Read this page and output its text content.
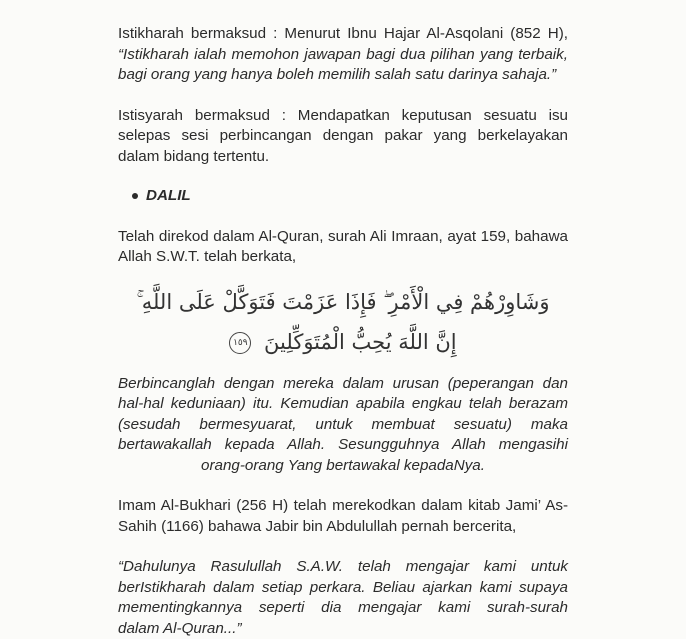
Istikharah bermaksud : Menurut Ibnu Hajar Al-Asqolani (852 H), “Istikharah ialah memohon jawapan bagi dua pilihan yang terbaik, bagi orang yang hanya boleh memilih salah satu darinya sahaja.”

Istisyarah bermaksud : Mendapatkan keputusan sesuatu isu selepas sesi perbincangan dengan pakar yang berkelayakan dalam bidang tertentu.

DALIL

Telah direkod dalam Al-Quran, surah Ali Imraan, ayat 159, bahawa Allah S.W.T. telah berkata,

وَشَاوِرْهُمْ فِي الْأَمْرِ ۖ فَإِذَا عَزَمْتَ فَتَوَكَّلْ عَلَى اللَّهِ ۚ
إِنَّ اللَّهَ يُحِبُّ الْمُتَوَكِّلِينَ ١٥٩

Berbincanglah dengan mereka dalam urusan (peperangan dan

hal-hal keduniaan) itu. Kemudian apabila engkau telah berazam

(sesudah bermesyuarat, untuk membuat sesuatu) maka

bertawakallah kepada Allah. Sesungguhnya Allah mengasihi

orang-orang Yang bertawakal kepadaNya.

Imam Al-Bukhari (256 H) telah merekodkan dalam kitab Jami’ As-Sahih (1166) bahawa Jabir bin Abdulullah pernah bercerita,

“Dahulunya Rasulullah S.A.W. telah mengajar kami untuk

berIstikharah dalam setiap perkara. Beliau ajarkan kami supaya

mementingkannya seperti dia mengajar kami surah-surah

dalam Al-Quran...”
